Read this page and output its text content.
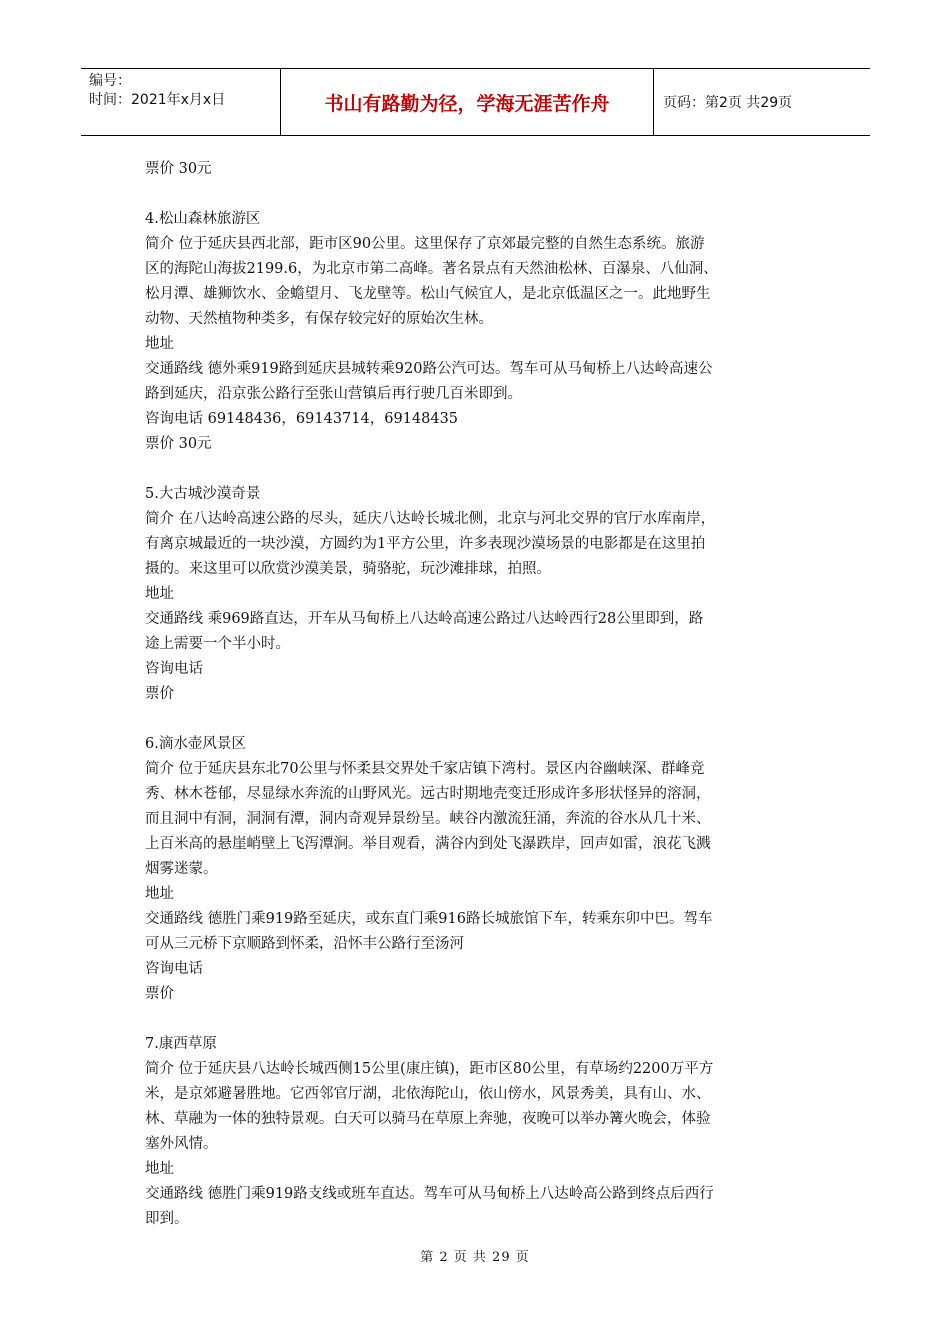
编号：
时间：2021年x月x日	书山有路勤为径，学海无涯苦作舟	页码：第2页 共29页
票价 30元
4.松山森林旅游区
简介 位于延庆县西北部，距市区90公里。这里保存了京郊最完整的自然生态系统。旅游
区的海陀山海拔2199.6，为北京市第二高峰。著名景点有天然油松林、百瀑泉、八仙洞、
松月潭、雄狮饮水、金蟾望月、飞龙壁等。松山气候宜人，是北京低温区之一。此地野生
动物、天然植物种类多，有保存较完好的原始次生林。
地址
交通路线 德外乘919路到延庆县城转乘920路公汽可达。驾车可从马甸桥上八达岭高速公
路到延庆，沿京张公路行至张山营镇后再行驶几百米即到。
咨询电话 69148436，69143714，69148435
票价 30元
5.大古城沙漠奇景
简介 在八达岭高速公路的尽头，延庆八达岭长城北侧，北京与河北交界的官厅水库南岸，
有离京城最近的一块沙漠，方圆约为1平方公里，许多表现沙漠场景的电影都是在这里拍
摄的。来这里可以欣赏沙漠美景，骑骆驼，玩沙滩排球，拍照。
地址
交通路线 乘969路直达，开车从马甸桥上八达岭高速公路过八达岭西行28公里即到，路
途上需要一个半小时。
咨询电话
票价
6.滴水壶风景区
简介 位于延庆县东北70公里与怀柔县交界处千家店镇下湾村。景区内谷幽峡深、群峰竞
秀、林木苍郁，尽显绿水奔流的山野风光。远古时期地壳变迁形成许多形状怪异的溶洞，
而且洞中有洞，洞洞有潭，洞内奇观异景纷呈。峡谷内激流狂涌，奔流的谷水从几十米、
上百米高的悬崖峭壁上飞泻潭涧。举目观看，满谷内到处飞瀑跌岸，回声如雷，浪花飞溅
烟雾迷蒙。
地址
交通路线 德胜门乘919路至延庆，或东直门乘916路长城旅馆下车，转乘东卯中巴。驾车
可从三元桥下京顺路到怀柔，沿怀丰公路行至汤河
咨询电话
票价
7.康西草原
简介 位于延庆县八达岭长城西侧15公里(康庄镇)，距市区80公里，有草场约2200万平方
米，是京郊避暑胜地。它西邻官厅湖，北依海陀山，依山傍水，风景秀美，具有山、水、
林、草融为一体的独特景观。白天可以骑马在草原上奔驰，夜晚可以举办篝火晚会，体验
塞外风情。
地址
交通路线 德胜门乘919路支线或班车直达。驾车可从马甸桥上八达岭高公路到终点后西行
即到。
第 2 页 共 29 页
